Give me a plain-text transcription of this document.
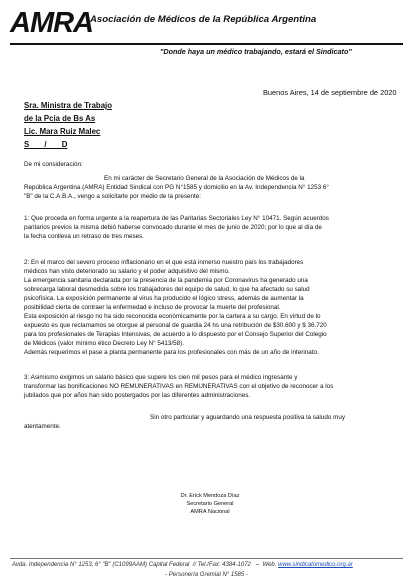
AMRA
Asociación de Médicos de la República Argentina
"Donde haya un médico trabajando, estará el Sindicato"
Buenos Aires, 14 de septiembre de 2020
Sra. Ministra de Trabajo
de la Pcia de Bs As
Lic. Mara Ruiz Malec
S       /       D
De mi consideración:
En mi carácter de Secretario General de la Asociación de Médicos de la
República Argentina (AMRA) Entidad Sindical con PG N°1585 y domicilio en la Av. Independencia N° 1253 6°
"B" de la C.A.B.A., vengo a solicitarle por medio de la presente:
1: Que proceda en forma urgente a la reapertura de las Paritarias Sectoriales Ley N° 10471. Según acuerdos
paritarios previos la misma debió haberse convocado durante el mes de junio de 2020; por lo que al día de
la fecha conlleva un retraso de tres meses.
2: En el marco del severo proceso inflacionario en el que está inmerso nuestro país los trabajadores
médicos han visto deteriorado su salario y el poder adquisitivo del mismo.
La emergencia sanitaria declarada por la presencia de la pandemia por Coronavirus ha generado una
sobrecarga laboral desmedida sobre los trabajadores del equipo de salud, lo que ha afectado su salud
psicofísica. La exposición permanente al virus ha producido el lógico stress, además de aumentar la
posibilidad cierta de contraer la enfermedad e incluso de provocar la muerte del profesional.
Esta exposición al riesgo no ha sido reconocida económicamente por la cartera a su cargo. En virtud de lo
expuesto es que reclamamos se otorgue al personal de guardia 24 hs una retribución de $30.600 y $ 36.720
para los profesionales de Terapias Intensivas, de acuerdo a lo dispuesto por el Consejo Superior del Colegio
de Médicos (valor mínimo ético Decreto Ley N° 5413/58).
Además requerimos el pase a planta permanente para los profesionales con más de un año de interinato.
3: Asimismo exigimos un salario básico que supere los cien mil pesos para el médico ingresante y
transformar las bonificaciones NO REMUNERATIVAS en REMUNERATIVAS con el objetivo de reconocer a los
jubilados que por años han sido postergados por las diferentes administraciones.
Sin otro particular y aguardando una respuesta positiva la saludo muy
atentamente.
Dr. Erick Mendoza Díaz
Secretario General
AMRA Nacional
Avda. Independencia N° 1253, 6° "B" (C1099AAM) Capital Federal  // Tel./Fax: 4384-1072   –  Web. www.sindicatomedico.org.ar
- Personería Gremial N° 1585 -
